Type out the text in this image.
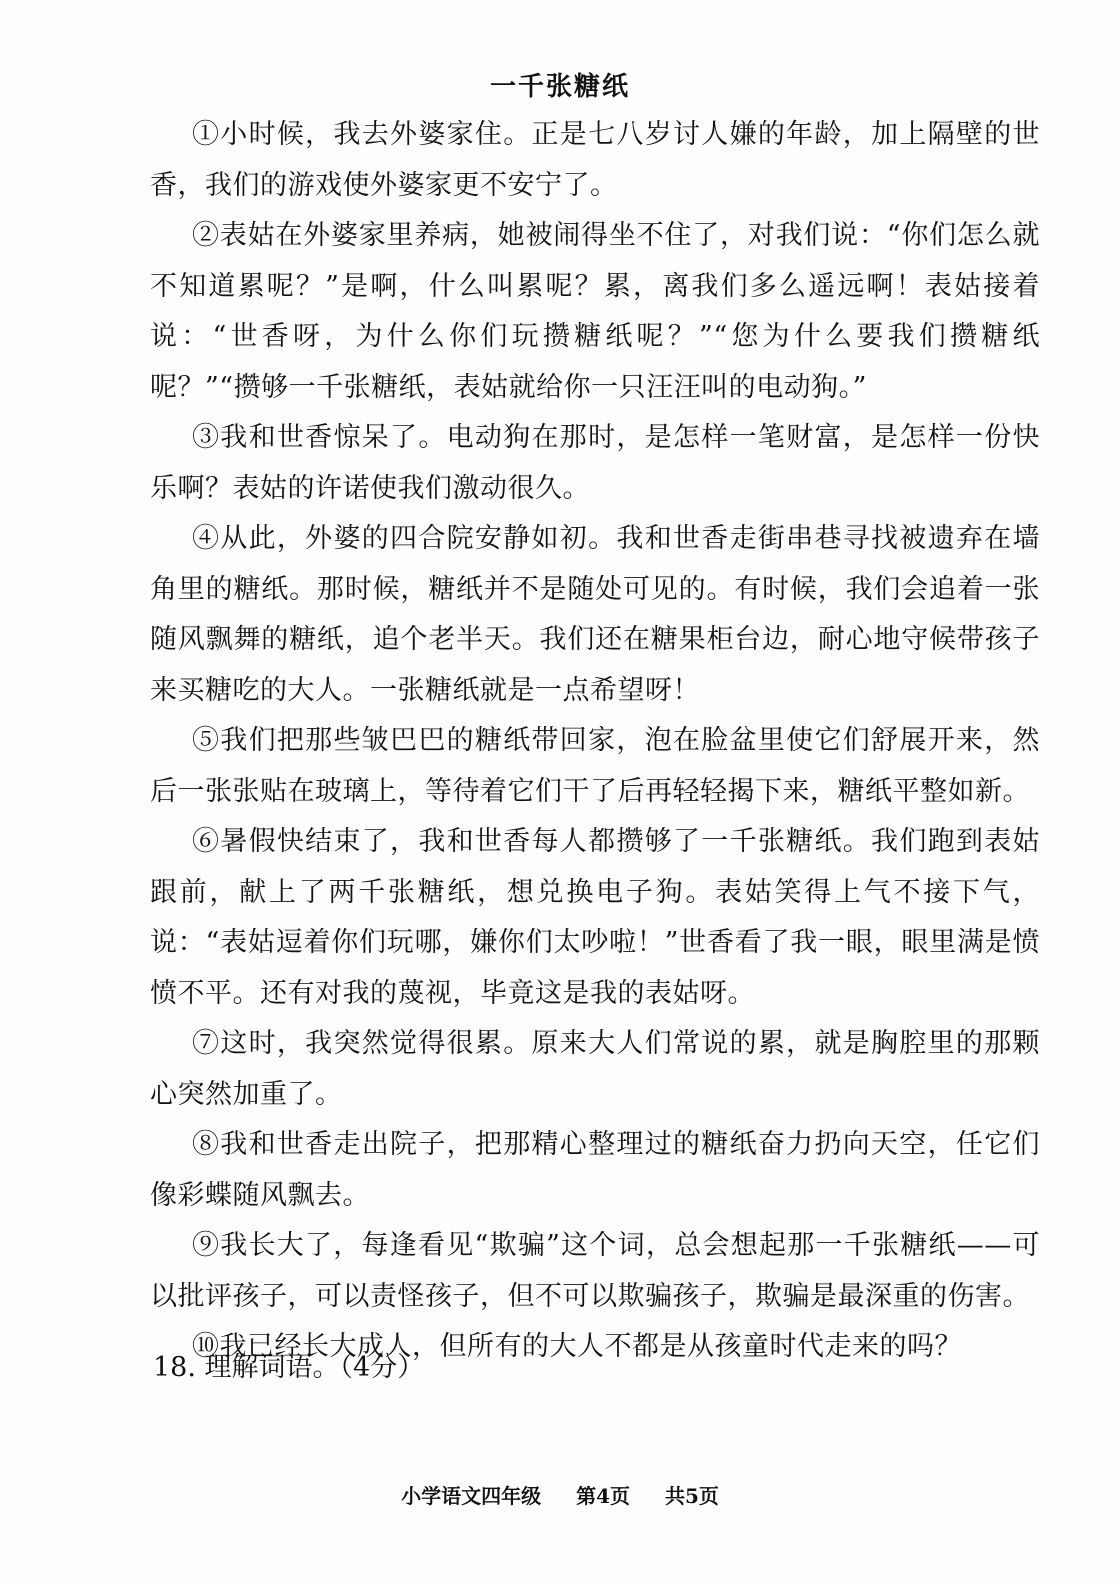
一千张糖纸

①小时候，我去外婆家住。正是七八岁讨人嫌的年龄，加上隔壁的世香，我们的游戏使外婆家更不安宁了。

②表姑在外婆家里养病，她被闹得坐不住了，对我们说：“你们怎么就不知道累呢？”是啊，什么叫累呢？累，离我们多么遥远啊！表姑接着说：“世香呀，为什么你们玩攒糖纸呢？”“您为什么要我们攒糖纸呢？”“攒够一千张糖纸，表姑就给你一只汪汪叫的电动狗。”

③我和世香惊呆了。电动狗在那时，是怎样一笔财富，是怎样一份快乐啊？表姑的许诺使我们激动很久。

④从此，外婆的四合院安静如初。我和世香走街串巷寻找被遗弃在墙角里的糖纸。那时候，糖纸并不是随处可见的。有时候，我们会追着一张随风飘舞的糖纸，追个老半天。我们还在糖果柜台边，耐心地守候带孩子来买糖吃的大人。一张糖纸就是一点希望呀！

⑤我们把那些皱巴巴的糖纸带回家，泡在脸盆里使它们舒展开来，然后一张张贴在玻璃上，等待着它们干了后再轻轻揭下来，糖纸平整如新。

⑥暑假快结束了，我和世香每人都攒够了一千张糖纸。我们跑到表姑跟前，献上了两千张糖纸，想兑换电子狗。表姑笑得上气不接下气，说：“表姑逗着你们玩哪，嫌你们太吵啦！”世香看了我一眼，眼里满是愤愤不平。还有对我的蔑视，毕竟这是我的表姑呀。

⑦这时，我突然觉得很累。原来大人们常说的累，就是胸腔里的那颗心突然加重了。

⑧我和世香走出院子，把那精心整理过的糖纸奋力扔向天空，任它们像彩蝶随风飘去。

⑨我长大了，每逢看见“欺骗”这个词，总会想起那一千张糖纸——可以批评孩子，可以责怪孩子，但不可以欺骗孩子，欺骗是最深重的伤害。

⑩我已经长大成人，但所有的大人不都是从孩童时代走来的吗？

18. 理解词语。（4分）
小学语文四年级 第4页 共5页
